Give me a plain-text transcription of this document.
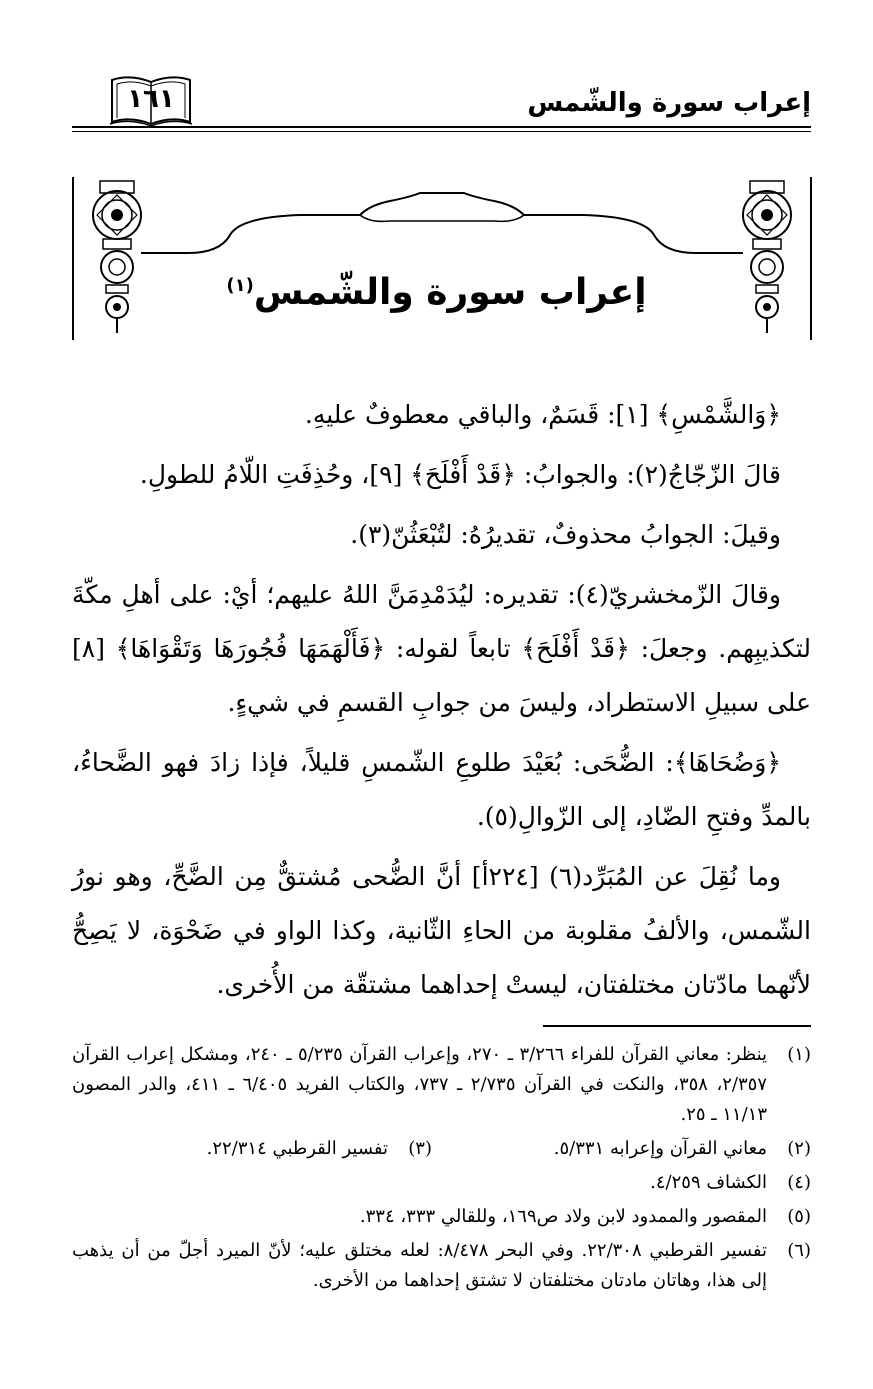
إعراب سورة والشّمس
١٦١
إعراب سورة والشّمس$^{(١)}$

﴿وَالشَّمْسِ﴾ [١]: قَسَمٌ، والباقي معطوفٌ عليهِ.

قالَ الزّجّاجُ(٢): والجوابُ: ﴿قَدْ أَفْلَحَ﴾ [٩]، وحُذِفَتِ اللّامُ للطولِ.

وقيلَ: الجوابُ محذوفٌ، تقديرُهُ: لتُبْعَثُنّ(٣).

وقالَ الزّمخشريّ(٤): تقديره: ليُدَمْدِمَنَّ اللهُ عليهم؛ أيْ: على أهلِ مكّةَ لتكذيبِهم. وجعلَ: ﴿قَدْ أَفْلَحَ﴾ تابعاً لقوله: ﴿فَأَلْهَمَهَا فُجُورَهَا وَتَقْوَاهَا﴾ [٨] على سبيلِ الاستطراد، وليسَ من جوابِ القسمِ في شيءٍ.

﴿وَضُحَاهَا﴾: الضُّحَى: بُعَيْدَ طلوعِ الشّمسِ قليلاً، فإذا زادَ فهو الضَّحاءُ، بالمدِّ وفتحِ الضّادِ، إلى الزّوالِ(٥).

وما نُقِلَ عن المُبَرِّد(٦) [٢٢٤أ] أنَّ الضُّحى مُشتقٌّ مِن الضَّحِّ، وهو نورُ الشّمس، والألفُ مقلوبة من الحاءِ الثّانية، وكذا الواو في ضَحْوَة، لا يَصِحُّ لأنّهما مادّتان مختلفتان، ليستْ إحداهما مشتقّة من الأُخرى.

(١)
ينظر: معاني القرآن للفراء ٣/٢٦٦ ـ ٢٧٠، وإعراب القرآن ٥/٢٣٥ ـ ٢٤٠، ومشكل إعراب القرآن ٢/٣٥٧، ٣٥٨، والنكت في القرآن ٢/٧٣٥ ـ ٧٣٧، والكتاب الفريد ٦/٤٠٥ ـ ٤١١، والدر المصون ١١/١٣ ـ ٢٥.
(٢)
معاني القرآن وإعرابه ٥/٣٣١.
(٣)
تفسير القرطبي ٢٢/٣١٤.
(٤)
الكشاف ٤/٢٥٩.
(٥)
المقصور والممدود لابن ولاد ص١٦٩، وللقالي ٣٣٣، ٣٣٤.
(٦)
تفسير القرطبي ٢٢/٣٠٨. وفي البحر ٨/٤٧٨: لعله مختلق عليه؛ لأنّ الميرد أجلّ من أن يذهب إلى هذا، وهاتان مادتان مختلفتان لا تشتق إحداهما من الأخرى.
